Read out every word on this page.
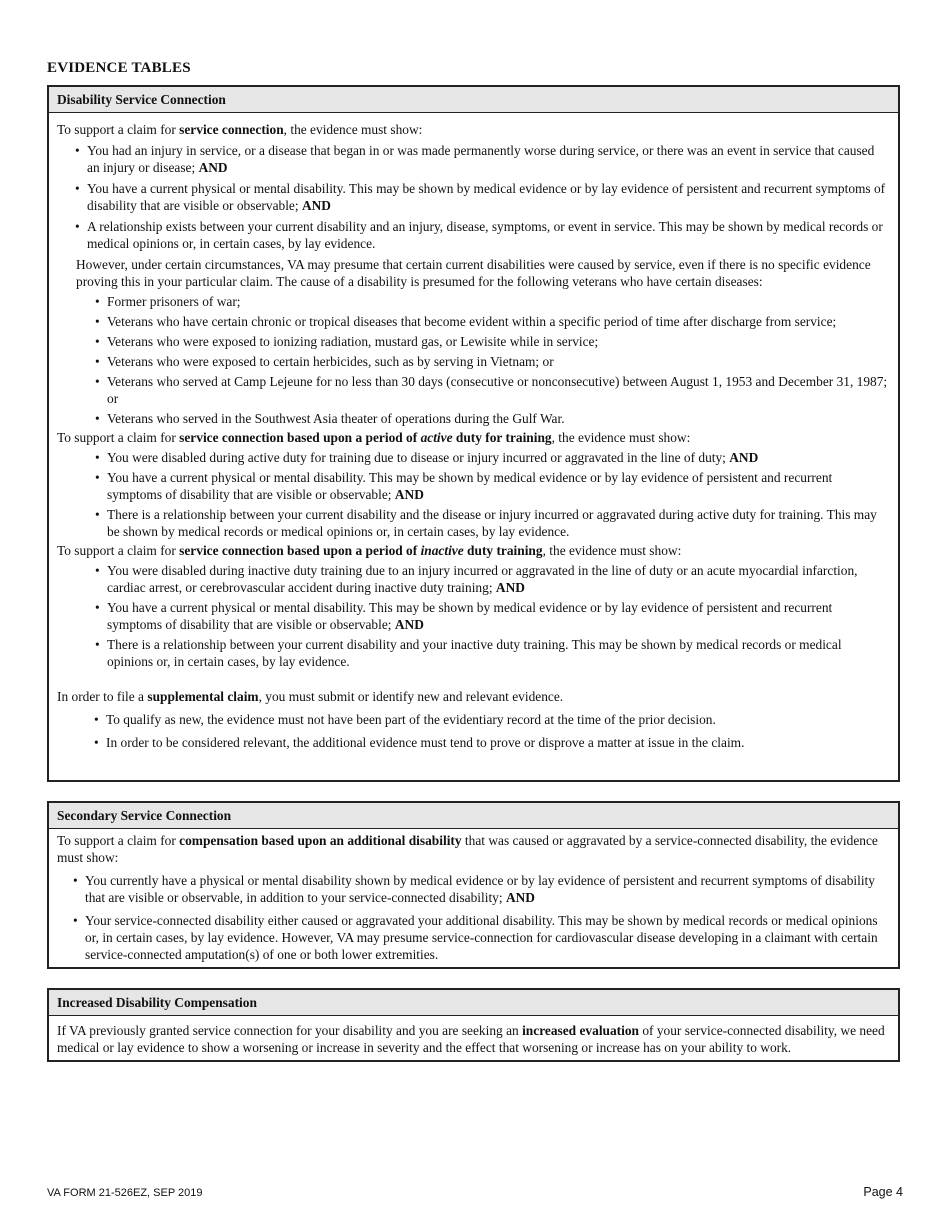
EVIDENCE TABLES
Disability Service Connection

To support a claim for service connection, the evidence must show:

• You had an injury in service, or a disease that began in or was made permanently worse during service, or there was an event in service that caused an injury or disease; AND
• You have a current physical or mental disability. This may be shown by medical evidence or by lay evidence of persistent and recurrent symptoms of disability that are visible or observable; AND
• A relationship exists between your current disability and an injury, disease, symptoms, or event in service. This may be shown by medical records or medical opinions or, in certain cases, by lay evidence.

However, under certain circumstances, VA may presume that certain current disabilities were caused by service, even if there is no specific evidence proving this in your particular claim. The cause of a disability is presumed for the following veterans who have certain diseases:

• Former prisoners of war;
• Veterans who have certain chronic or tropical diseases that become evident within a specific period of time after discharge from service;
• Veterans who were exposed to ionizing radiation, mustard gas, or Lewisite while in service;
• Veterans who were exposed to certain herbicides, such as by serving in Vietnam; or
• Veterans who served at Camp Lejeune for no less than 30 days (consecutive or nonconsecutive) between August 1, 1953 and December 31, 1987; or
• Veterans who served in the Southwest Asia theater of operations during the Gulf War.

To support a claim for service connection based upon a period of active duty for training, the evidence must show:

• You were disabled during active duty for training due to disease or injury incurred or aggravated in the line of duty; AND
• You have a current physical or mental disability. This may be shown by medical evidence or by lay evidence of persistent and recurrent symptoms of disability that are visible or observable; AND
• There is a relationship between your current disability and the disease or injury incurred or aggravated during active duty for training. This may be shown by medical records or medical opinions or, in certain cases, by lay evidence.

To support a claim for service connection based upon a period of inactive duty training, the evidence must show:

• You were disabled during inactive duty training due to an injury incurred or aggravated in the line of duty or an acute myocardial infarction, cardiac arrest, or cerebrovascular accident during inactive duty training; AND
• You have a current physical or mental disability. This may be shown by medical evidence or by lay evidence of persistent and recurrent symptoms of disability that are visible or observable; AND
• There is a relationship between your current disability and your inactive duty training. This may be shown by medical records or medical opinions or, in certain cases, by lay evidence.

In order to file a supplemental claim, you must submit or identify new and relevant evidence.

• To qualify as new, the evidence must not have been part of the evidentiary record at the time of the prior decision.
• In order to be considered relevant, the additional evidence must tend to prove or disprove a matter at issue in the claim.
Secondary Service Connection

To support a claim for compensation based upon an additional disability that was caused or aggravated by a service-connected disability, the evidence must show:

• You currently have a physical or mental disability shown by medical evidence or by lay evidence of persistent and recurrent symptoms of disability that are visible or observable, in addition to your service-connected disability; AND
• Your service-connected disability either caused or aggravated your additional disability. This may be shown by medical records or medical opinions or, in certain cases, by lay evidence. However, VA may presume service-connection for cardiovascular disease developing in a claimant with certain service-connected amputation(s) of one or both lower extremities.
Increased Disability Compensation

If VA previously granted service connection for your disability and you are seeking an increased evaluation of your service-connected disability, we need medical or lay evidence to show a worsening or increase in severity and the effect that worsening or increase has on your ability to work.

VA FORM 21-526EZ, SEP 2019	Page 4
